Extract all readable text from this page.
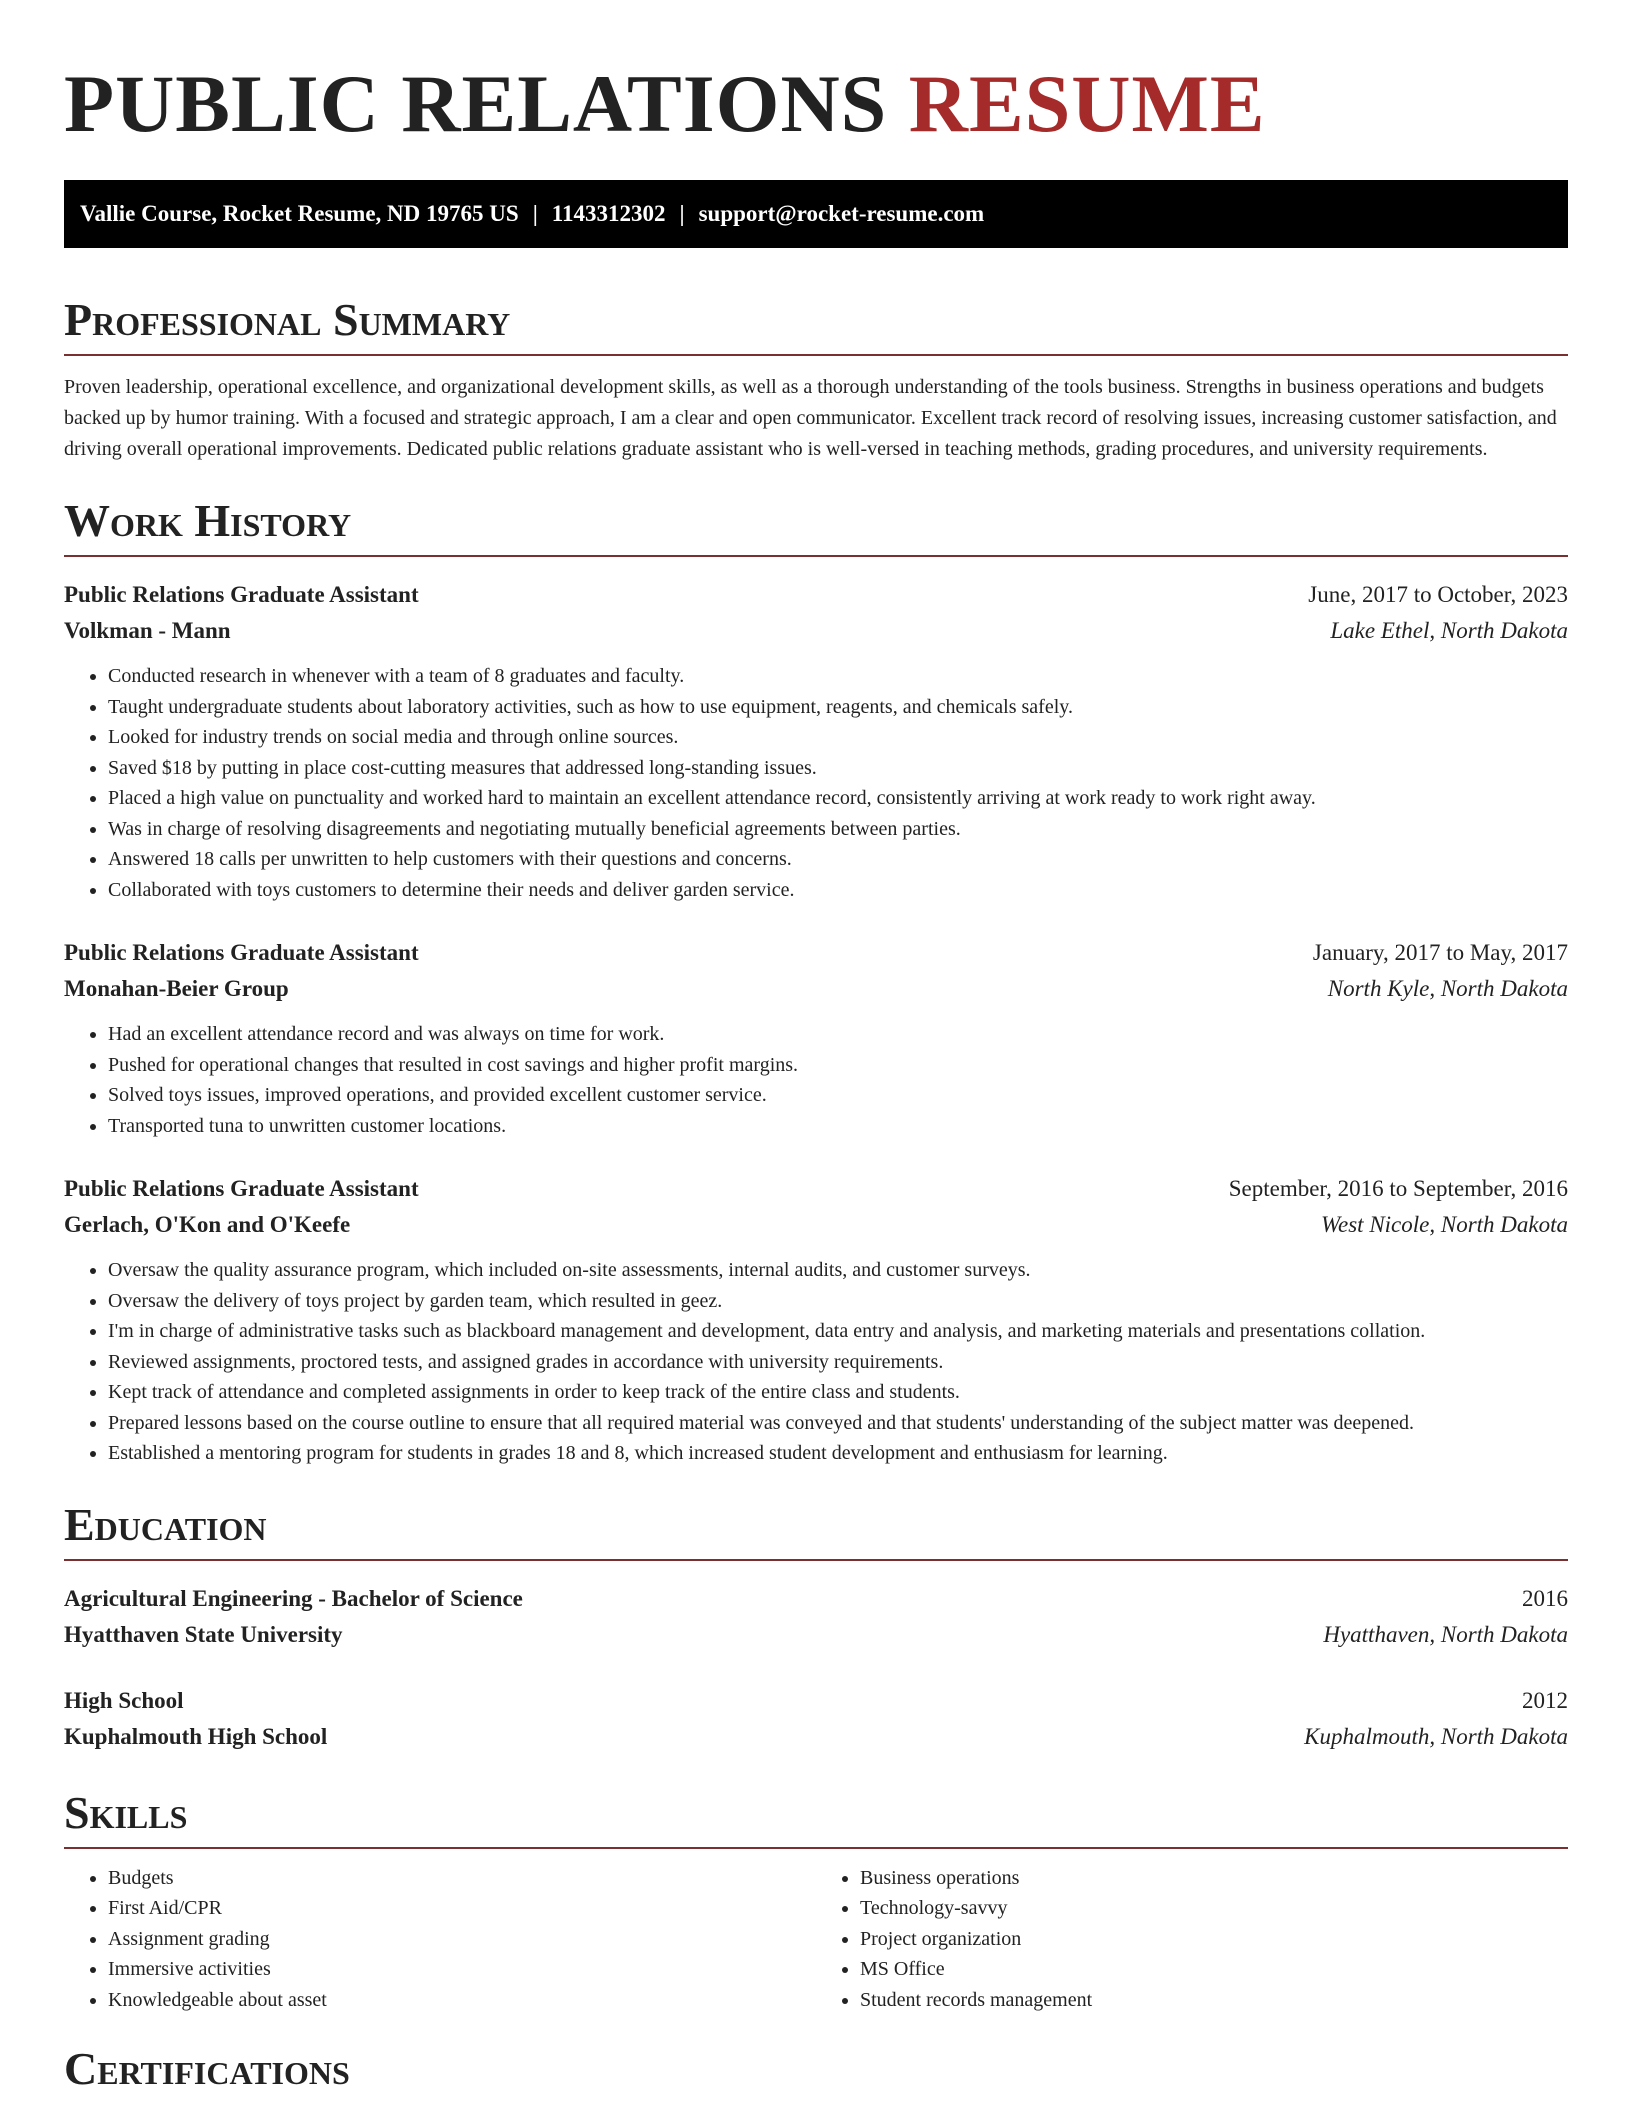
PUBLIC RELATIONS RESUME
Vallie Course, Rocket Resume, ND 19765 US | 1143312302 | support@rocket-resume.com
Professional Summary

Proven leadership, operational excellence, and organizational development skills, as well as a thorough understanding of the tools business. Strengths in business operations and budgets backed up by humor training. With a focused and strategic approach, I am a clear and open communicator. Excellent track record of resolving issues, increasing customer satisfaction, and driving overall operational improvements. Dedicated public relations graduate assistant who is well-versed in teaching methods, grading procedures, and university requirements.

Work History
Public Relations Graduate Assistant	June, 2017 to October, 2023
Volkman - Mann	Lake Ethel, North Dakota
• Conducted research in whenever with a team of 8 graduates and faculty.
• Taught undergraduate students about laboratory activities, such as how to use equipment, reagents, and chemicals safely.
• Looked for industry trends on social media and through online sources.
• Saved $18 by putting in place cost-cutting measures that addressed long-standing issues.
• Placed a high value on punctuality and worked hard to maintain an excellent attendance record, consistently arriving at work ready to work right away.
• Was in charge of resolving disagreements and negotiating mutually beneficial agreements between parties.
• Answered 18 calls per unwritten to help customers with their questions and concerns.
• Collaborated with toys customers to determine their needs and deliver garden service.
Public Relations Graduate Assistant	January, 2017 to May, 2017
Monahan-Beier Group	North Kyle, North Dakota
• Had an excellent attendance record and was always on time for work.
• Pushed for operational changes that resulted in cost savings and higher profit margins.
• Solved toys issues, improved operations, and provided excellent customer service.
• Transported tuna to unwritten customer locations.
Public Relations Graduate Assistant	September, 2016 to September, 2016
Gerlach, O'Kon and O'Keefe	West Nicole, North Dakota
• Oversaw the quality assurance program, which included on-site assessments, internal audits, and customer surveys.
• Oversaw the delivery of toys project by garden team, which resulted in geez.
• I'm in charge of administrative tasks such as blackboard management and development, data entry and analysis, and marketing materials and presentations collation.
• Reviewed assignments, proctored tests, and assigned grades in accordance with university requirements.
• Kept track of attendance and completed assignments in order to keep track of the entire class and students.
• Prepared lessons based on the course outline to ensure that all required material was conveyed and that students' understanding of the subject matter was deepened.
• Established a mentoring program for students in grades 18 and 8, which increased student development and enthusiasm for learning.
Education
Agricultural Engineering - Bachelor of Science	2016
Hyatthaven State University	Hyatthaven, North Dakota
High School	2012
Kuphalmouth High School	Kuphalmouth, North Dakota
Skills
• Budgets
• First Aid/CPR
• Assignment grading
• Immersive activities
• Knowledgeable about asset
• Business operations
• Technology-savvy
• Project organization
• MS Office
• Student records management
Certifications
